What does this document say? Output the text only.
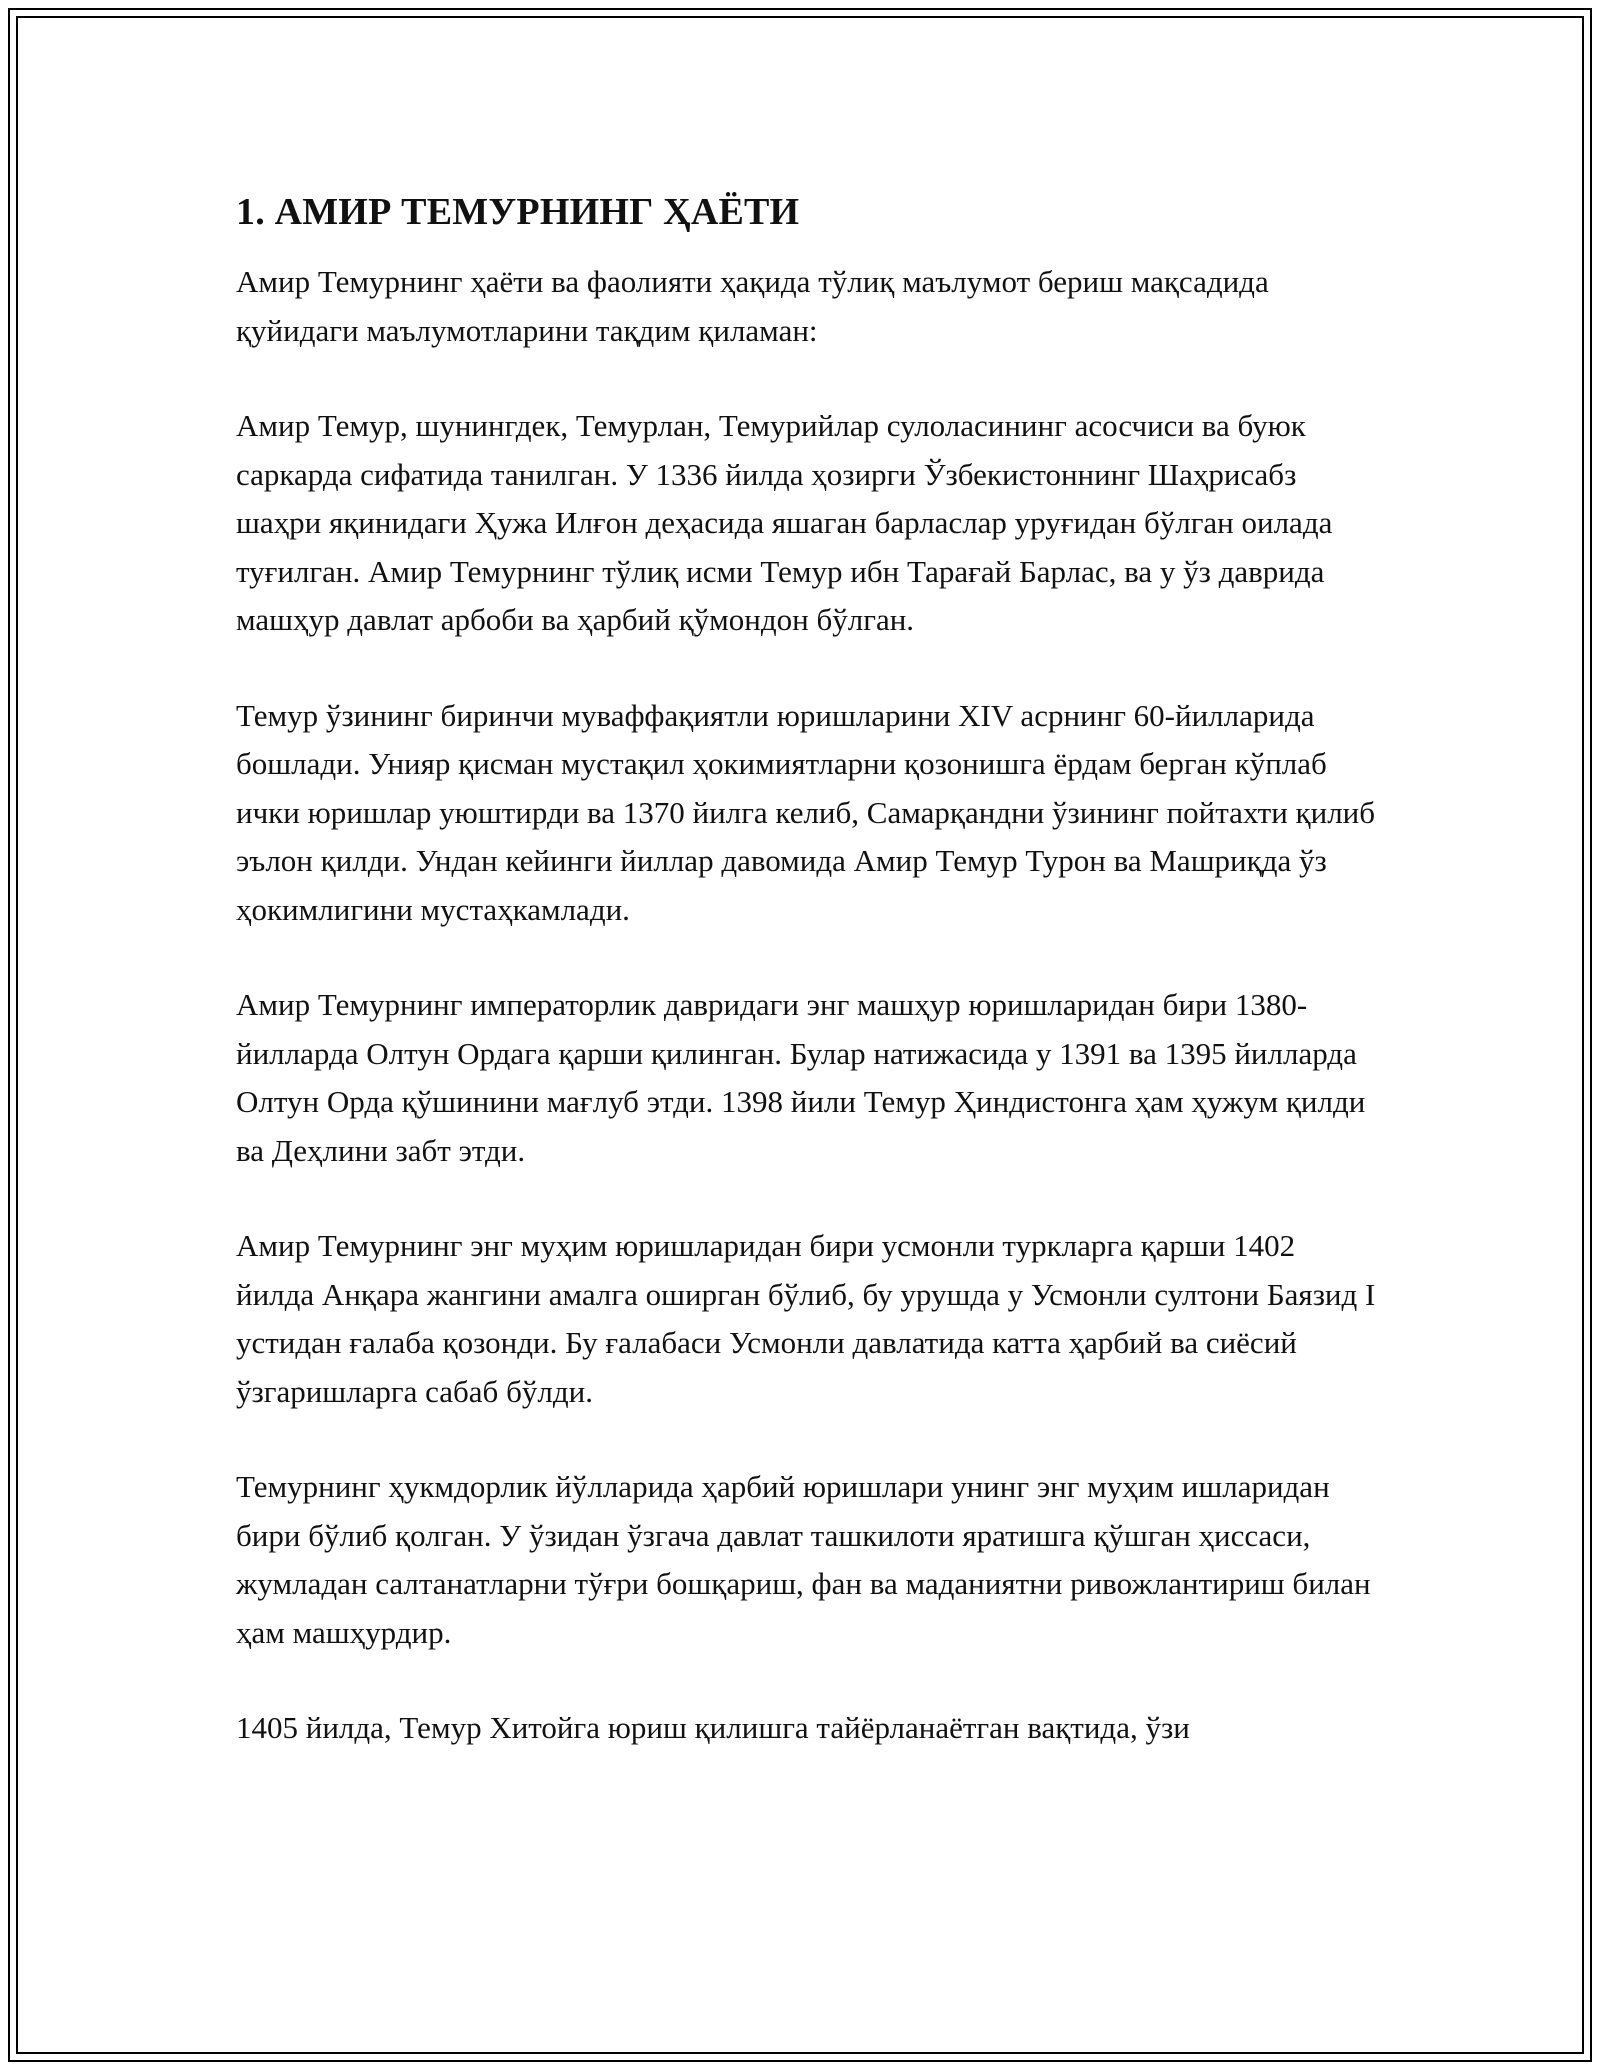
1. АМИР ТЕМУРНИНГ ҲАЁТИ

Амир Темурнинг ҳаёти ва фаолияти ҳақида тўлиқ маълумот бериш мақсадида қуйидаги маълумотларини тақдим қиламан:

Амир Темур, шунингдек, Темурлан, Темурийлар сулоласининг асосчиси ва буюк саркарда сифатида танилган. У 1336 йилда ҳозирги Ўзбекистоннинг Шаҳрисабз шаҳри яқинидаги Ҳужа Илғон деҳасида яшаган барласлар уруғидан бўлган оилада туғилган. Амир Темурнинг тўлиқ исми Темур ибн Тарағай Барлас, ва у ўз даврида машҳур давлат арбоби ва ҳарбий қўмондон бўлган.

Темур ўзининг биринчи муваффақиятли юришларини XIV асрнинг 60-йилларида бошлади. Унияр қисман мустақил ҳокимиятларни қозонишга ёрдам берган кўплаб ички юришлар уюштирди ва 1370 йилга келиб, Самарқандни ўзининг пойтахти қилиб эълон қилди. Ундан кейинги йиллар давомида Амир Темур Турон ва Машриқда ўз ҳокимлигини мустаҳкамлади.

Амир Темурнинг императорлик давридаги энг машҳур юришларидан бири 1380-йилларда Олтун Ордага қарши қилинган. Булар натижасида у 1391 ва 1395 йилларда Олтун Орда қўшинини мағлуб этди. 1398 йили Темур Ҳиндистонга ҳам ҳужум қилди ва Деҳлини забт этди.

Амир Темурнинг энг муҳим юришларидан бири усмонли туркларга қарши 1402 йилда Анқара жангини амалга оширган бўлиб, бу урушда у Усмонли султони Баязид I устидан ғалаба қозонди. Бу ғалабаси Усмонли давлатида катта ҳарбий ва сиёсий ўзгаришларга сабаб бўлди.

Темурнинг ҳукмдорлик йўлларида ҳарбий юришлари унинг энг муҳим ишларидан бири бўлиб қолган. У ўзидан ўзгача давлат ташкилоти яратишга қўшган ҳиссаси, жумладан салтанатларни тўғри бошқариш, фан ва маданиятни ривожлантириш билан ҳам машҳурдир.

1405 йилда, Темур Хитойга юриш қилишга тайёрланаётган вақтида, ўзи
